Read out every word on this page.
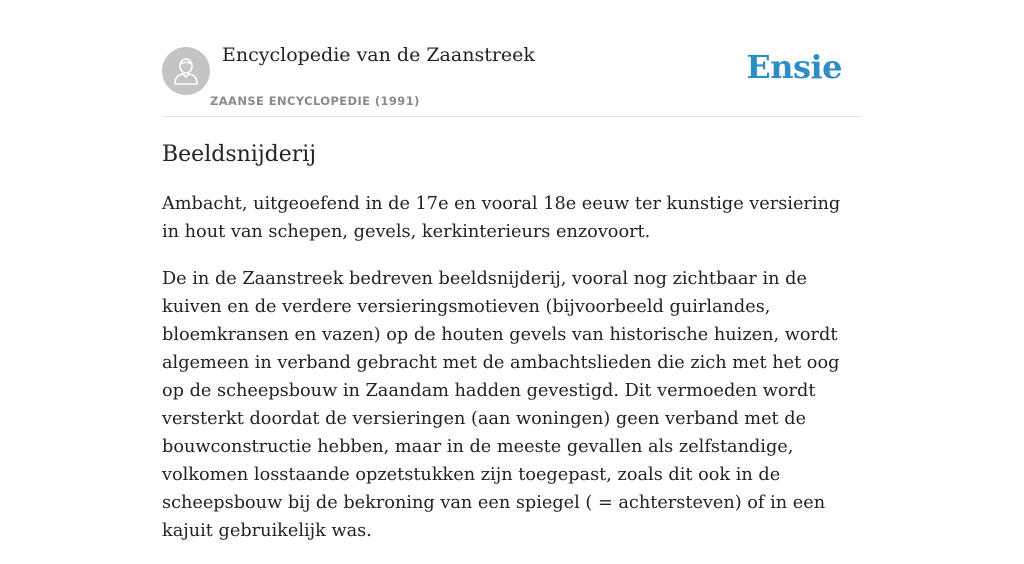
Encyclopedie van de Zaanstreek
ZAANSE ENCYCLOPEDIE (1991)
Ensie
Beeldsnijderij

Ambacht, uitgeoefend in de 17e en vooral 18e eeuw ter kunstige versiering in hout van schepen, gevels, kerkinterieurs enzovoort.

De in de Zaanstreek bedreven beeldsnijderij, vooral nog zichtbaar in de kuiven en de verdere versieringsmotieven (bijvoorbeeld guirlandes, bloemkransen en vazen) op de houten gevels van historische huizen, wordt algemeen in verband gebracht met de ambachtslieden die zich met het oog op de scheepsbouw in Zaandam hadden gevestigd. Dit vermoeden wordt versterkt doordat de versieringen (aan woningen) geen verband met de bouwconstructie hebben, maar in de meeste gevallen als zelfstandige, volkomen losstaande opzetstukken zijn toegepast, zoals dit ook in de scheepsbouw bij de bekroning van een spiegel ( = achtersteven) of in een kajuit gebruikelijk was.
